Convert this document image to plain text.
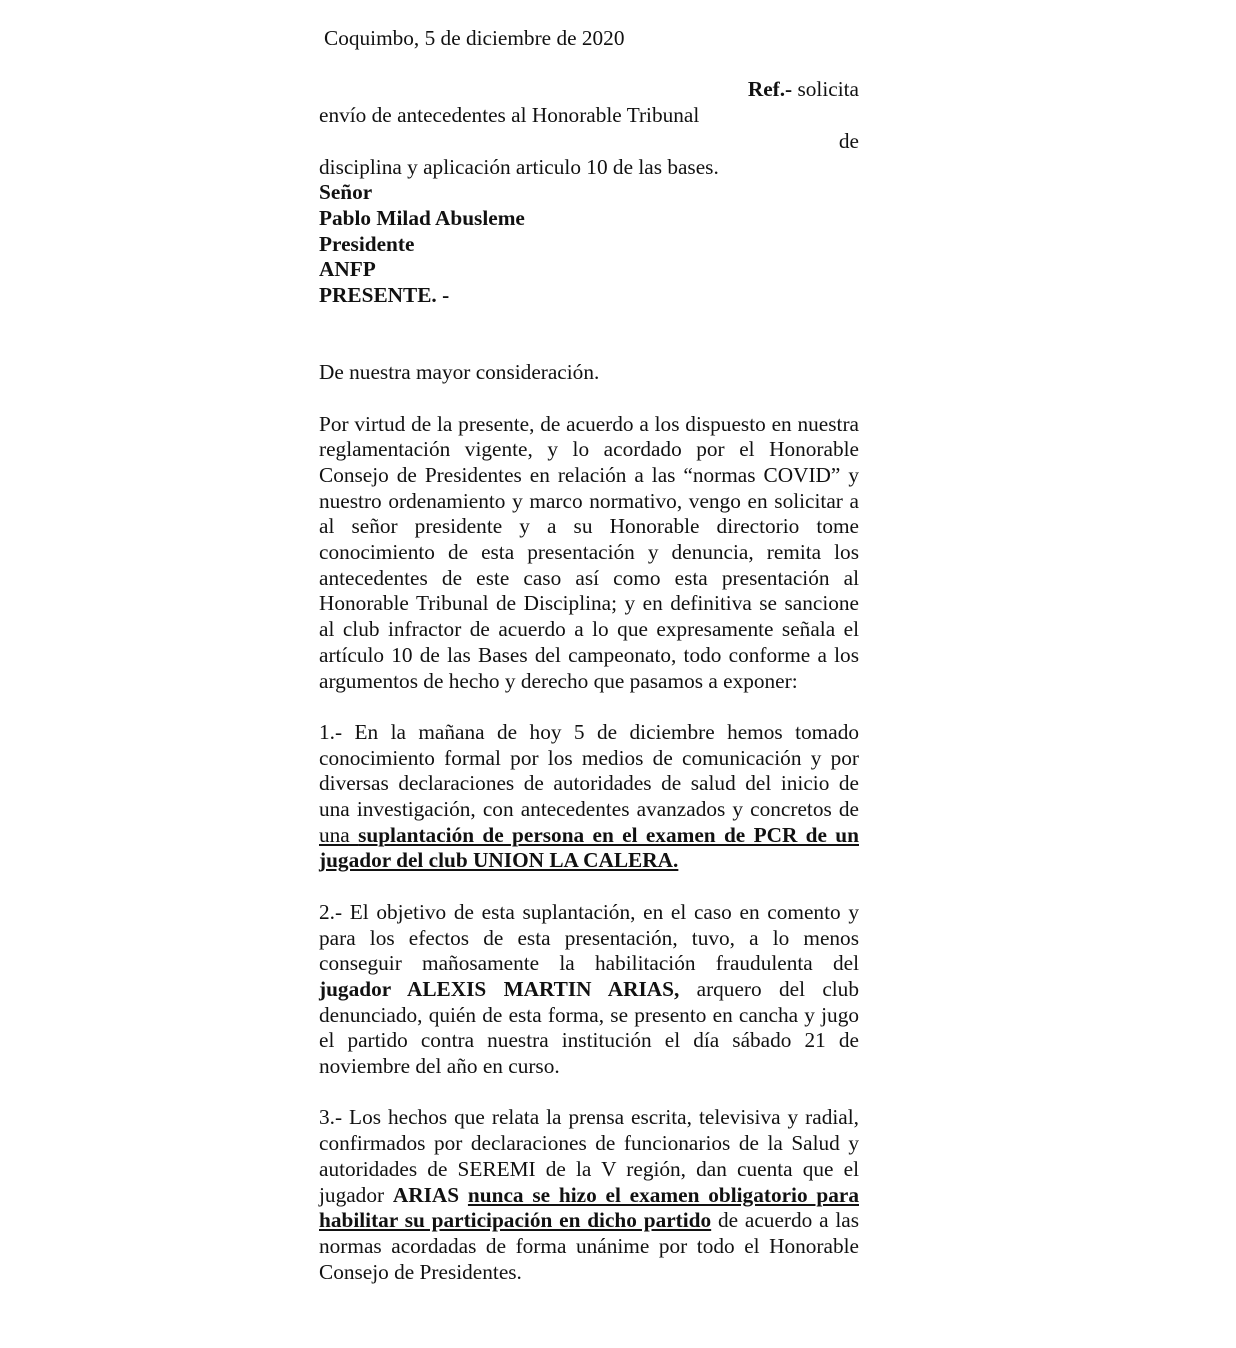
Coquimbo, 5 de diciembre de 2020

Ref.- solicita

envío de antecedentes al Honorable Tribunal

de

disciplina y aplicación articulo 10 de las bases.

Señor

Pablo Milad Abusleme

Presidente

ANFP

PRESENTE. -

De nuestra mayor consideración.

Por virtud de la presente, de acuerdo a los dispuesto en nuestra reglamentación vigente, y lo acordado por el Honorable Consejo de Presidentes en relación a las “normas COVID” y nuestro ordenamiento y marco normativo, vengo en solicitar a al señor presidente y a su Honorable directorio tome conocimiento de esta presentación y denuncia, remita los antecedentes de este caso así como esta presentación al Honorable Tribunal de Disciplina; y en definitiva se sancione al club infractor de acuerdo a lo que expresamente señala el artículo 10 de las Bases del campeonato, todo conforme a los argumentos de hecho y derecho que pasamos a exponer:

1.- En la mañana de hoy 5 de diciembre hemos tomado conocimiento formal por los medios de comunicación y por diversas declaraciones de autoridades de salud del inicio de una investigación, con antecedentes avanzados y concretos de una suplantación de persona en el examen de PCR de un jugador del club UNION LA CALERA.

2.- El objetivo de esta suplantación, en el caso en comento y para los efectos de esta presentación, tuvo, a lo menos conseguir mañosamente la habilitación fraudulenta del jugador ALEXIS MARTIN ARIAS, arquero del club denunciado, quién de esta forma, se presento en cancha y jugo el partido contra nuestra institución el día sábado 21 de noviembre del año en curso.

3.- Los hechos que relata la prensa escrita, televisiva y radial, confirmados por declaraciones de funcionarios de la Salud y autoridades de SEREMI de la V región, dan cuenta que el jugador ARIAS nunca se hizo el examen obligatorio para habilitar su participación en dicho partido de acuerdo a las normas acordadas de forma unánime por todo el Honorable Consejo de Presidentes.
